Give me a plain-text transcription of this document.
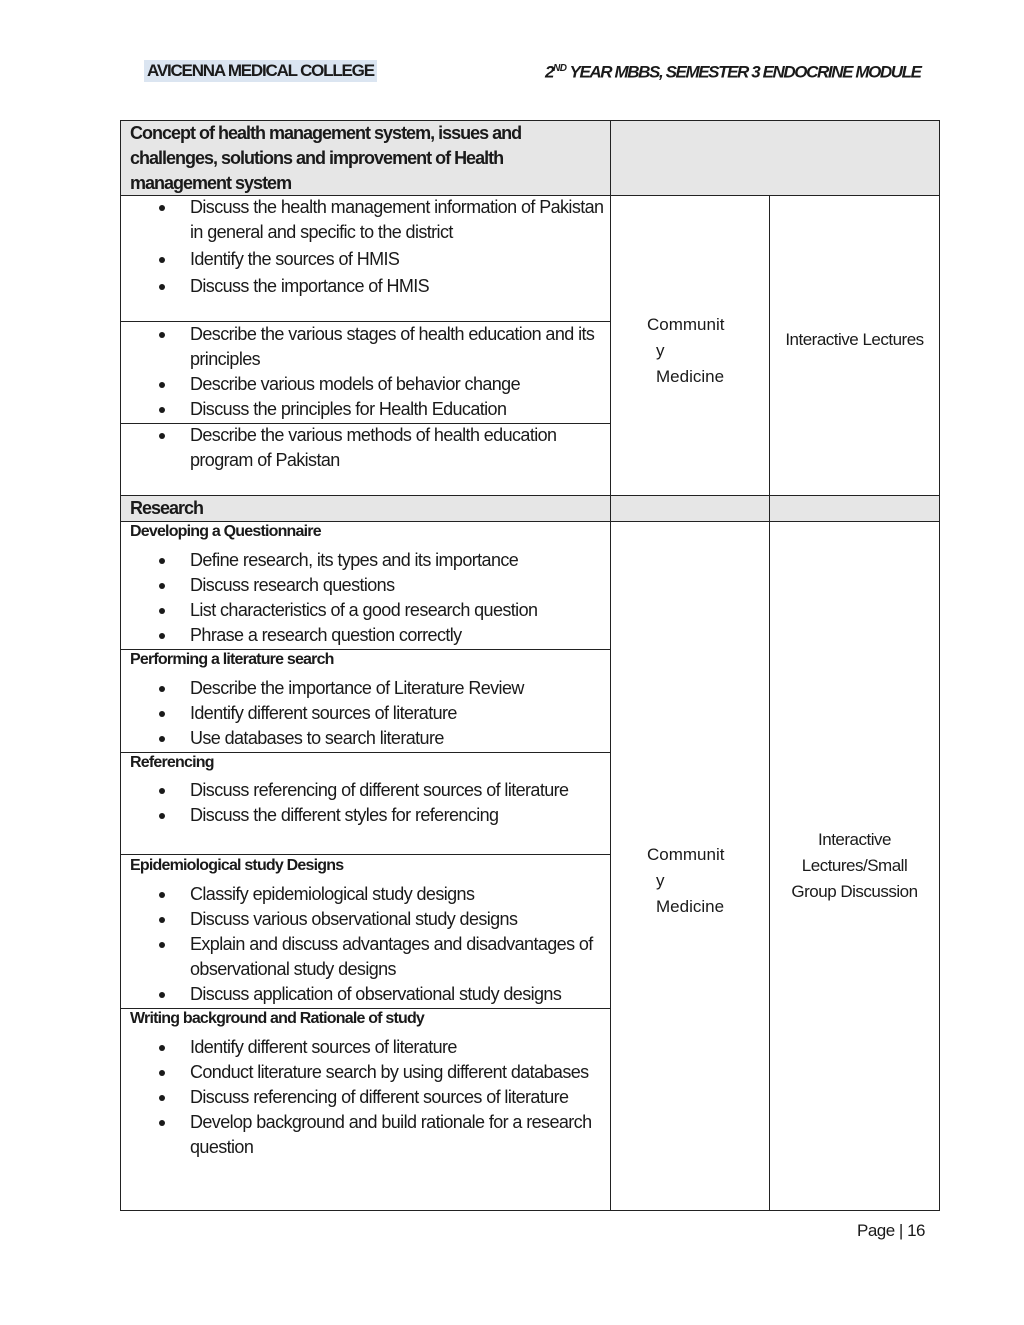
AVICENNA MEDICAL COLLEGE	2ND YEAR MBBS, SEMESTER 3 ENDOCRINE MODULE
Concept of health management system, issues and challenges, solutions and improvement of Health management system
Discuss the health management information of Pakistan in general and specific to the district
Identify the sources of HMIS
Discuss the importance of HMIS
Describe the various stages of health education and its principles
Describe various models of behavior change
Discuss the principles for Health Education
Describe the various methods of health education program of Pakistan
Communit
y
Medicine
Interactive Lectures
Research
Developing a Questionnaire
Define research, its types and its importance
Discuss research questions
List characteristics of a good research question
Phrase a research question correctly
Performing a literature search
Describe the importance of Literature Review
Identify different sources of literature
Use databases to search literature
Referencing
Discuss referencing of different sources of literature
Discuss the different styles for referencing
Epidemiological study Designs
Classify epidemiological study designs
Discuss various observational study designs
Explain and discuss advantages and disadvantages of observational study designs
Discuss application of observational study designs
Writing background and Rationale of study
Identify different sources of literature
Conduct literature search by using different databases
Discuss referencing of different sources of literature
Develop background and build rationale for a research question
Communit
y
Medicine
Interactive
Lectures/Small
Group Discussion
Page | 16
